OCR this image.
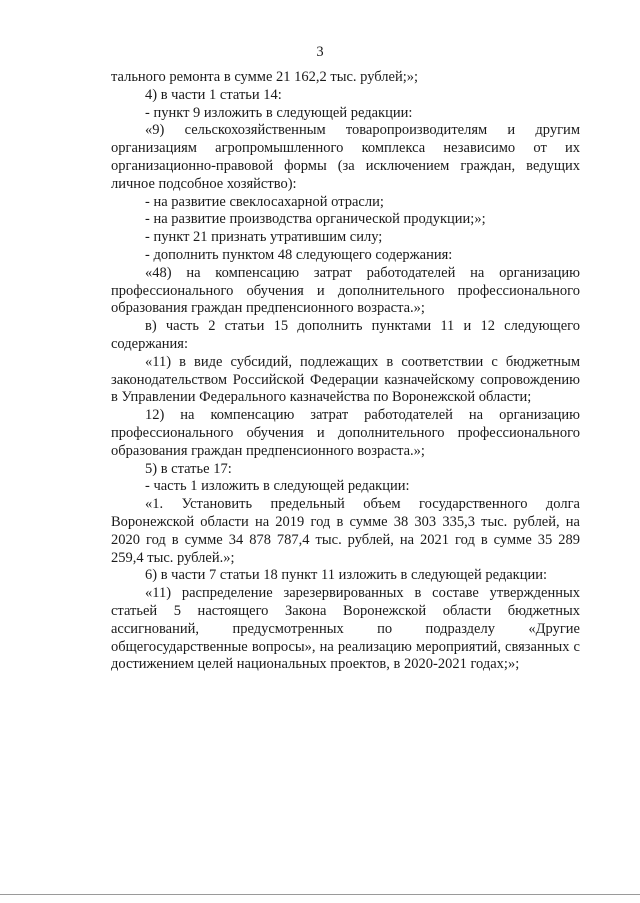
3

тального ремонта в сумме 21 162,2 тыс. рублей;»;

4) в части 1 статьи 14:

- пункт 9 изложить в следующей редакции:

«9) сельскохозяйственным товаропроизводителям и другим организациям агропромышленного комплекса независимо от их организационно-правовой формы (за исключением граждан, ведущих личное подсобное хозяйство):

- на развитие свеклосахарной отрасли;

- на развитие производства органической продукции;»;

- пункт 21 признать утратившим силу;

- дополнить пунктом 48 следующего содержания:

«48) на компенсацию затрат работодателей на организацию профессионального обучения и дополнительного профессионального образования граждан предпенсионного возраста.»;

в) часть 2 статьи 15 дополнить пунктами 11 и 12 следующего содержания:

«11) в виде субсидий, подлежащих в соответствии с бюджетным законодательством Российской Федерации казначейскому сопровождению в Управлении Федерального казначейства по Воронежской области;

12) на компенсацию затрат работодателей на организацию профессионального обучения и дополнительного профессионального образования граждан предпенсионного возраста.»;

5) в статье 17:

- часть 1 изложить в следующей редакции:

«1. Установить предельный объем государственного долга Воронежской области на 2019 год в сумме 38 303 335,3 тыс. рублей, на 2020 год в сумме 34 878 787,4 тыс. рублей, на 2021 год в сумме 35 289 259,4 тыс. рублей.»;

6) в части 7 статьи 18 пункт 11 изложить в следующей редакции:

«11) распределение зарезервированных в составе утвержденных статьей 5 настоящего Закона Воронежской области бюджетных ассигнований, предусмотренных по подразделу «Другие общегосударственные вопросы», на реализацию мероприятий, связанных с достижением целей национальных проектов, в 2020-2021 годах;»;
